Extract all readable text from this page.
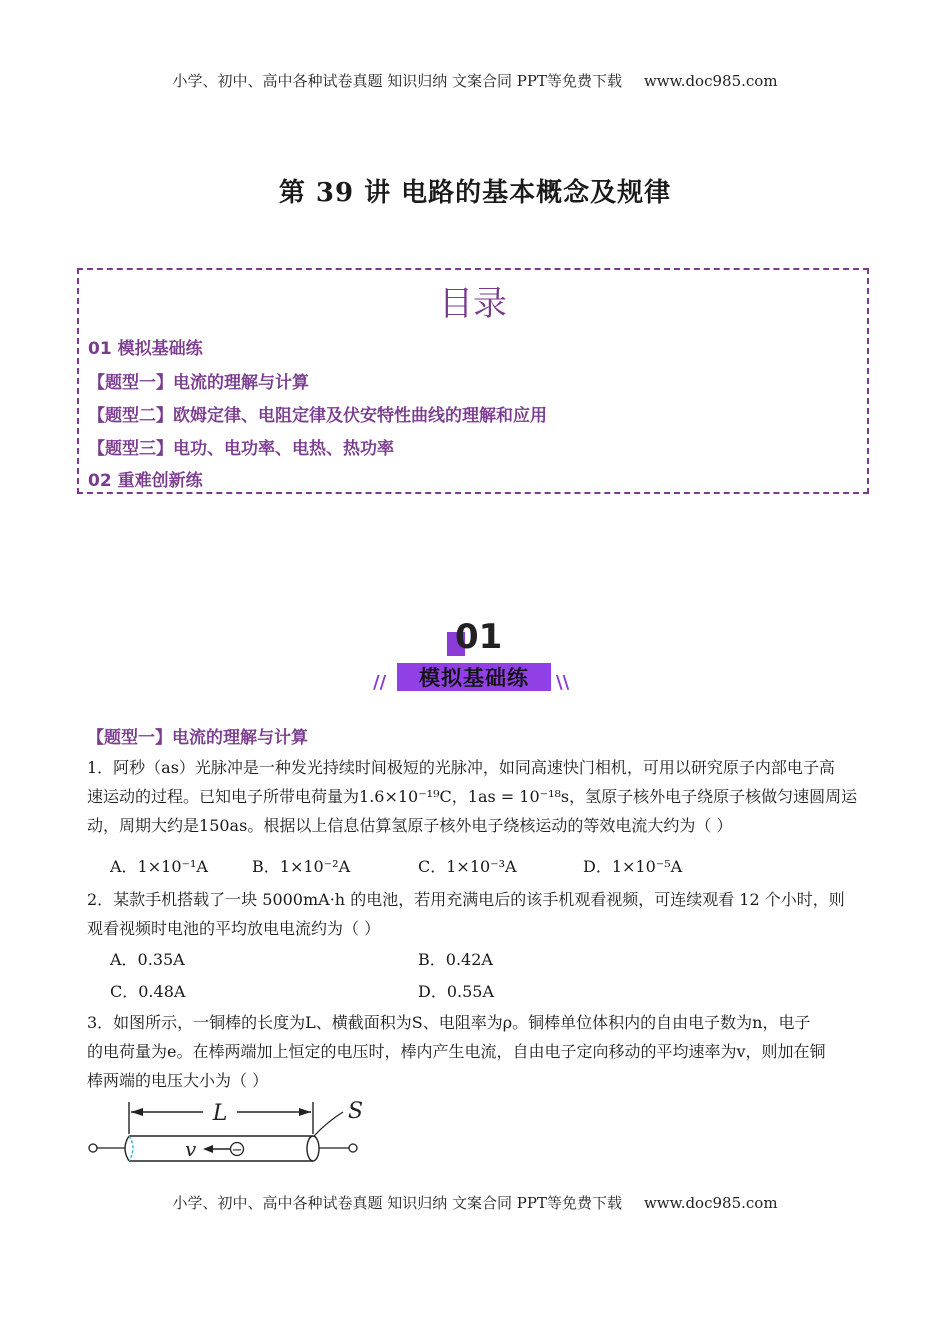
小学、初中、高中各种试卷真题 知识归纳 文案合同 PPT等免费下载 www.doc985.com
第 39 讲 电路的基本概念及规律
目录
01 模拟基础练
【题型一】电流的理解与计算
【题型二】欧姆定律、电阻定律及伏安特性曲线的理解和应用
【题型三】电功、电功率、电热、热功率
02 重难创新练
01
模拟基础练
//	\\
【题型一】电流的理解与计算
1．阿秒（as）光脉冲是一种发光持续时间极短的光脉冲，如同高速快门相机，可用以研究原子内部电子高
速运动的过程。已知电子所带电荷量为1.6×10⁻¹⁹C，1as = 10⁻¹⁸s，氢原子核外电子绕原子核做匀速圆周运
动，周期大约是150as。根据以上信息估算氢原子核外电子绕核运动的等效电流大约为（ ）
A．1×10⁻¹A	B．1×10⁻²A	C．1×10⁻³A	D．1×10⁻⁵A
2．某款手机搭载了一块 5000mA·h 的电池，若用充满电后的该手机观看视频，可连续观看 12 个小时，则
观看视频时电池的平均放电电流约为（ ）
A．0.35A	B．0.42A
C．0.48A	D．0.55A
3．如图所示，一铜棒的长度为L、横截面积为S、电阻率为ρ。铜棒单位体积内的自由电子数为n，电子
的电荷量为e。在棒两端加上恒定的电压时，棒内产生电流，自由电子定向移动的平均速率为v，则加在铜
棒两端的电压大小为（ ）
L	S
v	−
小学、初中、高中各种试卷真题 知识归纳 文案合同 PPT等免费下载 www.doc985.com
